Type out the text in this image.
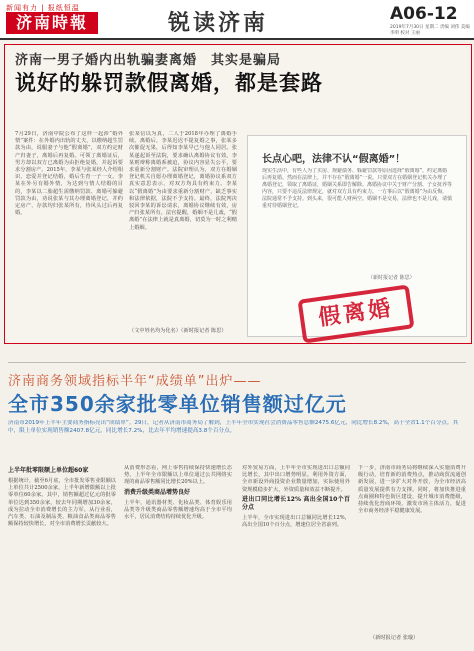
新闻有力 | 报纸恒温
济南時報	锐读济南	A06-12
2019年7月30日 星期二 责编 刘伟 美编 李明 校对 王丽
济南一男子婚内出轨骗妻离婚　其实是骗局
说好的躲罚款假离婚，都是套路
7月29日，济南中院公布了这样一起涉“婚外情”案件：在外婚内出轨的丈夫，以缴纳超生罚款为由，说服妻子与他“假离婚”，双方约定财产归妻子，离婚后再复婚。可领了离婚证后，男方却以双方已离婚为由拒绝复婚，并起诉要求分割房产。2015年，李某与张某经人介绍相识、恋爱并登记结婚，婚后生育一子一女。李某在外另有婚外情，为达到与情人结婚的目的，李某以二胎超生需缴纳罚款、离婚可躲避罚款为由，劝说张某与其办理离婚登记，并约定房产、存款均归张某所有，待风头过后再复婚。
张某信以为真，二人于2018年办理了离婚手续。离婚后，李某迟迟不提复婚之事，张某多次催促无果，后得知李某早已与他人同居。张某遂起诉至法院，要求确认离婚协议有效。李某则辩称离婚系被迫，协议内容显失公平，要求重新分割财产。法院审理认为，双方在婚姻登记机关自愿办理离婚登记，离婚协议系双方真实意思表示，对双方均具有约束力。李某以“假离婚”为由要求重新分割财产，缺乏事实和法律依据，法院不予支持。最终，法院判决驳回李某的诉讼请求，离婚协议继续有效，房产归张某所有。法官提醒，婚姻不是儿戏，“假离婚”在法律上就是真离婚，切莫为一时之利赌上婚姻。
（文中姓名均为化名）（新时报记者 陈思）
长点心吧，法律不认“假离婚”！
现实生活中，有些人为了买房、规避债务、躲避罚款等原因选择“假离婚”，约定离婚后再复婚。然而在法律上，并不存在“假离婚”一说。只要双方在婚姻登记机关办理了离婚登记，领取了离婚证，婚姻关系即告解除。离婚协议中关于财产分割、子女抚养等内容，只要不违反法律规定，就对双方具有约束力。一方事后以“假离婚”为由反悔，法院通常不予支持。到头来，很可能人财两空。婚姻不是交易，法律也不是儿戏，请慎重对待婚姻登记。
（新时报记者 陈思）
假离婚
济南商务领域指标半年“成绩单”出炉——
全市350余家批零单位销售额过亿元
济南市2019年上半年主要商务指标亮出“成绩单”。29日，记者从济南市商务局了解到，上半年全市实现社会消费品零售总额2475.6亿元，同比增长8.2%，高于全省1.1个百分点。其中，限上单位实现销售额2407.8亿元，同比增长7.2%，比去年平均增速提高3.8个百分点。
上半年批零限额上单位超60家
根据统计，截至6月底，全市批发零售业限额以上单位共计2500余家，上半年新增限额以上批零单位60余家。其中，销售额超过亿元的批零单位达到350余家，较去年同期增加30余家，成为拉动全市消费增长的主力军。从行业看，汽车类、石油及制品类、粮油食品类商品零售额保持较快增长，对全市消费增长贡献较大。
从消费形态看，网上零售持续保持快速增长态势，上半年全市限额以上单位通过公共网络实现的商品零售额同比增长20%以上。
消费升级类商品增势良好
上半年，通讯器材类、化妆品类、体育娱乐用品类等升级类商品零售额增速均高于全市平均水平，居民消费结构持续优化升级。
对外贸易方面，上半年全市实现进出口总额同比增长，其中出口增势明显。利用外资方面，全市新设外商投资企业数量增加，实际使用外资规模稳步扩大，外资质量和效益不断提升。
进出口同比增长12% 高出全国10个百分点
上半年，全市实现进出口总额同比增长12%，高出全国10个百分点，增速位居全省前列。
下一步，济南市商务局将继续深入实施消费升级行动，培育新的消费热点，推动商贸流通创新发展，进一步扩大对外开放，为全市经济高质量发展提供有力支撑。同时，将加快推进重点商圈和特色街区建设，提升城市消费能级，持续优化营商环境，激发市场主体活力，促进全市商务经济平稳健康发展。
（新时报记者 张璇）
